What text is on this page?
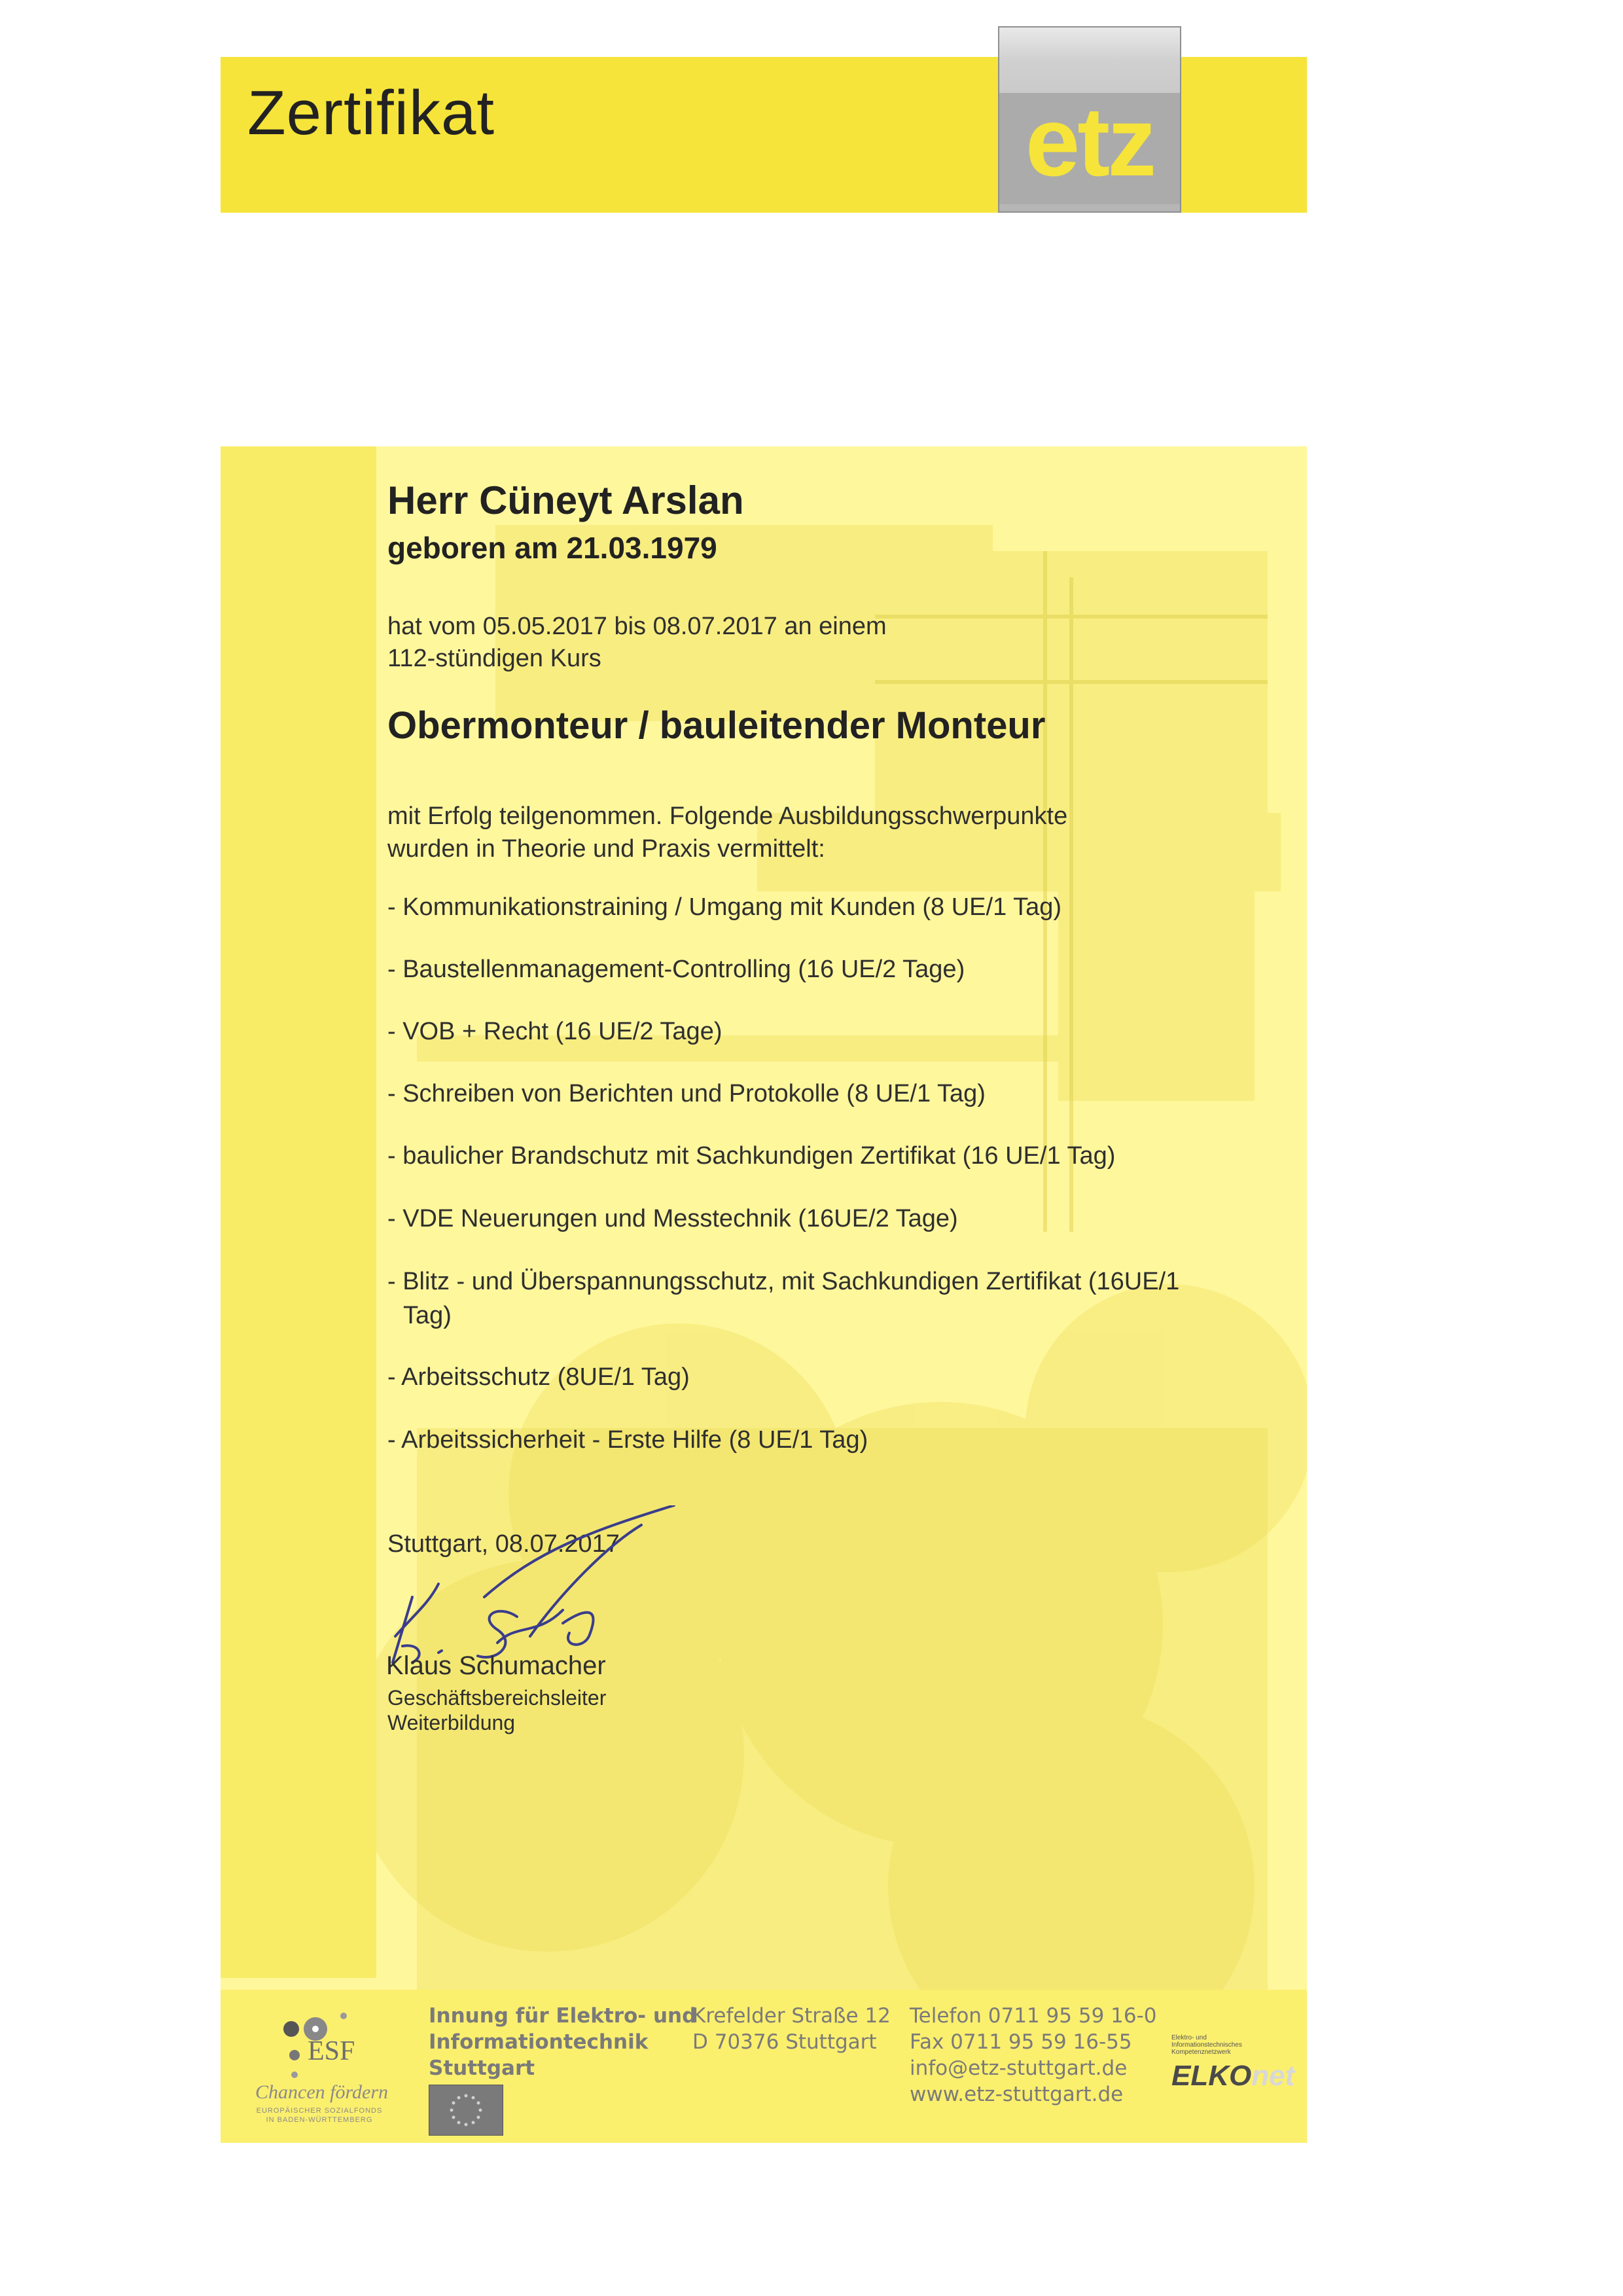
Zertifikat	etz
Herr Cüneyt Arslan
geboren am 21.03.1979
hat vom 05.05.2017 bis 08.07.2017 an einem
112-stündigen Kurs
Obermonteur / bauleitender Monteur
mit Erfolg teilgenommen. Folgende Ausbildungsschwerpunkte
wurden in Theorie und Praxis vermittelt:
- Kommunikationstraining / Umgang mit Kunden (8 UE/1 Tag)
- Baustellenmanagement-Controlling (16 UE/2 Tage)
- VOB + Recht (16 UE/2 Tage)
- Schreiben von Berichten und Protokolle (8 UE/1 Tag)
- baulicher Brandschutz mit Sachkundigen Zertifikat (16 UE/1 Tag)
- VDE Neuerungen und Messtechnik (16UE/2 Tage)
- Blitz - und Überspannungsschutz, mit Sachkundigen Zertifikat (16UE/1
Tag)
- Arbeitsschutz (8UE/1 Tag)
- Arbeitssicherheit - Erste Hilfe (8 UE/1 Tag)
Stuttgart, 08.07.2017
Klaus Schumacher
Geschäftsbereichsleiter
Weiterbildung
ESF
Chancen fördern
EUROPÄISCHER SOZIALFONDS
IN BADEN-WÜRTTEMBERG
Innung für Elektro- und
Informationtechnik
Stuttgart
Krefelder Straße 12
D 70376 Stuttgart
Telefon 0711 95 59 16-0
Fax 0711 95 59 16-55
info@etz-stuttgart.de
www.etz-stuttgart.de
Elektro- und
Informationstechnisches
Kompetenznetzwerk
ELKOnet
